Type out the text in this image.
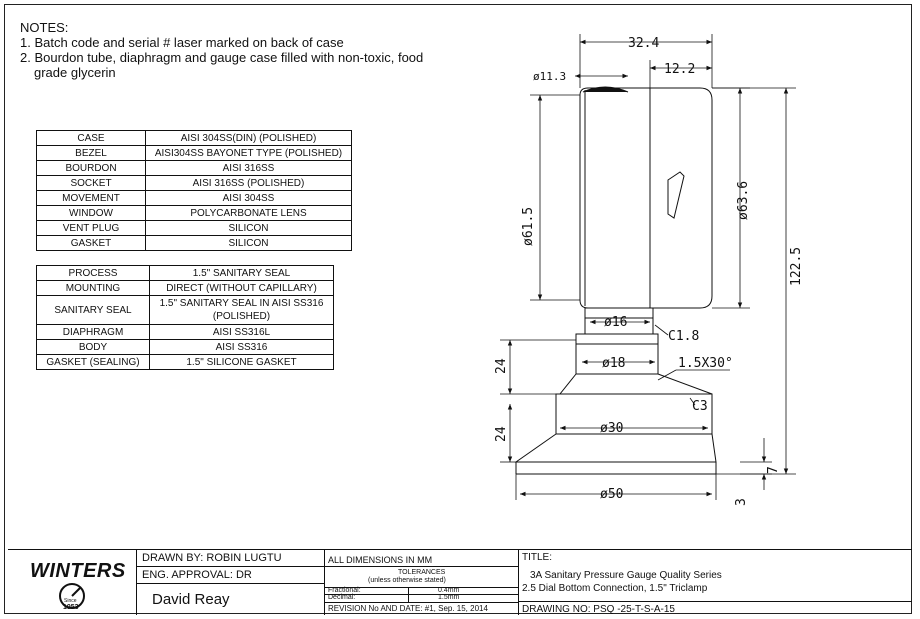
NOTES:
1. Batch code and serial # laser marked on back of case
2. Bourdon tube, diaphragm and gauge case filled with non-toxic, food
grade glycerin
CASE	AISI 304SS(DIN) (POLISHED)
BEZEL	AISI304SS BAYONET TYPE (POLISHED)
BOURDON	AISI 316SS
SOCKET	AISI 316SS (POLISHED)
MOVEMENT	AISI 304SS
WINDOW	POLYCARBONATE LENS
VENT PLUG	SILICON
GASKET	SILICON
PROCESS	1.5" SANITARY SEAL
MOUNTING	DIRECT (WITHOUT CAPILLARY)
SANITARY SEAL	1.5" SANITARY SEAL IN AISI SS316 (POLISHED)
DIAPHRAGM	AISI SS316L
BODY	AISI SS316
GASKET (SEALING)	1.5" SILICONE GASKET
32.4
12.2
ø11.3
ø61.5
ø63.6
122.5
ø16
C1.8
ø18	1.5X30°
24
C3
24	ø30
7
ø50
3
WINTERS
Since
1953
DRAWN BY: ROBIN LUGTU
ENG. APPROVAL: DR
David Reay
ALL DIMENSIONS IN MM
TOLERANCES
(unless otherwise stated)
Fractional:	0.4mm
Decimal:	1.5mm
REVISION No AND DATE: #1, Sep. 15, 2014
TITLE:
3A Sanitary Pressure Gauge Quality Series
2.5 Dial Bottom Connection, 1.5" Triclamp
DRAWING NO: PSQ -25-T-S-A-15
